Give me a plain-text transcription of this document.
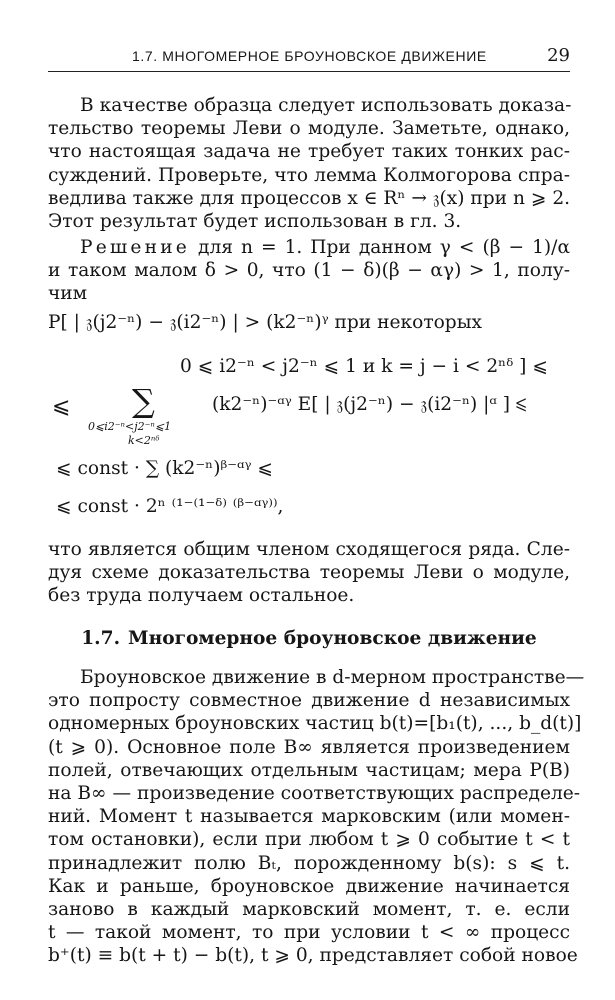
1.7. МНОГОМЕРНОЕ БРОУНОВСКОЕ ДВИЖЕНИЕ	29
В качестве образца следует использовать доказа-
тельство теоремы Леви о модуле. Заметьте, однако,
что настоящая задача не требует таких тонких рас-
суждений. Проверьте, что лемма Колмогорова спра-
ведлива также для процессов x ∈ Rⁿ → 𝔷(x) при n ⩾ 2.
Этот результат будет использован в гл. 3.
Решение для n = 1. При данном γ < (β − 1)/α
и таком малом δ > 0, что (1 − δ)(β − αγ) > 1, полу-
чим
P[ | 𝔷(j2⁻ⁿ) − 𝔷(i2⁻ⁿ) | > (k2⁻ⁿ)ᵞ при некоторых
0 ⩽ i2⁻ⁿ < j2⁻ⁿ ⩽ 1 и k = j − i < 2ⁿᵟ ] ⩽
⩽ ∑
0⩽i2⁻ⁿ<j2⁻ⁿ⩽1
k<2ⁿᵟ
(k2⁻ⁿ)⁻ᵅᵞ E[ | 𝔷(j2⁻ⁿ) − 𝔷(i2⁻ⁿ) |ᵅ ] ⩽
⩽ const · ∑ (k2⁻ⁿ)ᵝ⁻ᵅᵞ ⩽
⩽ const · 2ⁿ ⁽¹⁻⁽¹⁻ᵟ⁾ ⁽ᵝ⁻ᵅᵞ⁾⁾,
что является общим членом сходящегося ряда. Сле-
дуя схеме доказательства теоремы Леви о модуле,
без труда получаем остальное.
1.7. Многомерное броуновское движение
Броуновское движение в d-мерном пространстве—
это попросту совместное движение d независимых
одномерных броуновских частиц b(t)=[b₁(t), ..., b_d(t)]
(t ⩾ 0). Основное поле B∞ является произведением
полей, отвечающих отдельным частицам; мера P(B)
на B∞ — произведение соответствующих распределе-
ний. Момент t называется марковским (или момен-
том остановки), если при любом t ⩾ 0 событие t < t
принадлежит полю Bₜ, порожденному b(s): s ⩽ t.
Как и раньше, броуновское движение начинается
заново в каждый марковский момент, т. е. если
t — такой момент, то при условии t < ∞ процесс
b⁺(t) ≡ b(t + t) − b(t), t ⩾ 0, представляет собой новое
